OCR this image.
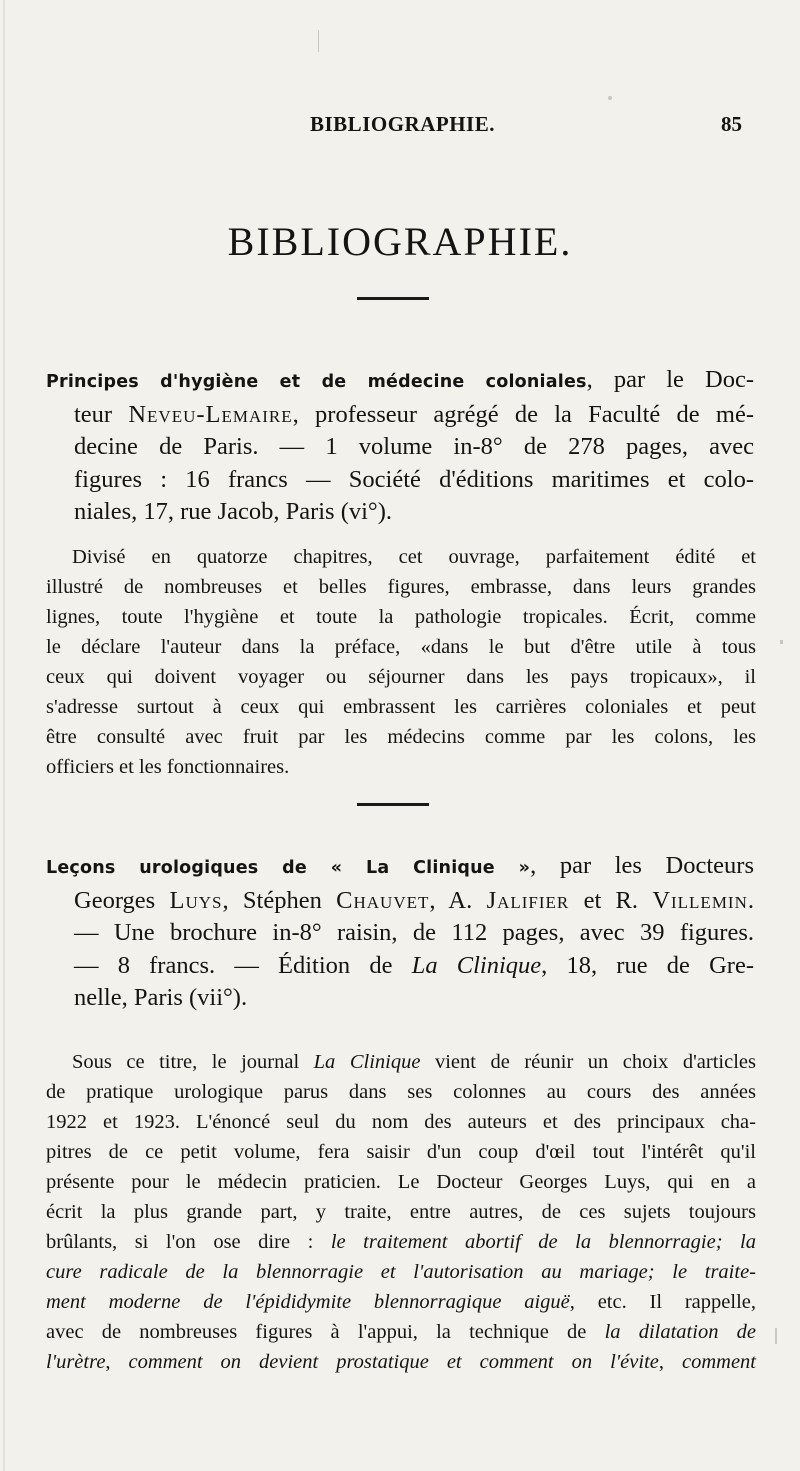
BIBLIOGRAPHIE.	85
BIBLIOGRAPHIE.
Principes d'hygiène et de médecine coloniales, par le Doc-
teur Neveu-Lemaire, professeur agrégé de la Faculté de mé-
decine de Paris. — 1 volume in-8° de 278 pages, avec
figures : 16 francs — Société d'éditions maritimes et colo-
niales, 17, rue Jacob, Paris (vi°).
Divisé en quatorze chapitres, cet ouvrage, parfaitement édité et
illustré de nombreuses et belles figures, embrasse, dans leurs grandes
lignes, toute l'hygiène et toute la pathologie tropicales. Écrit, comme
le déclare l'auteur dans la préface, «dans le but d'être utile à tous
ceux qui doivent voyager ou séjourner dans les pays tropicaux», il
s'adresse surtout à ceux qui embrassent les carrières coloniales et peut
être consulté avec fruit par les médecins comme par les colons, les
officiers et les fonctionnaires.
Leçons urologiques de « La Clinique », par les Docteurs
Georges Luys, Stéphen Chauvet, A. Jalifier et R. Villemin.
— Une brochure in-8° raisin, de 112 pages, avec 39 figures.
— 8 francs. — Édition de La Clinique, 18, rue de Gre-
nelle, Paris (vii°).
Sous ce titre, le journal La Clinique vient de réunir un choix d'articles
de pratique urologique parus dans ses colonnes au cours des années
1922 et 1923. L'énoncé seul du nom des auteurs et des principaux cha-
pitres de ce petit volume, fera saisir d'un coup d'œil tout l'intérêt qu'il
présente pour le médecin praticien. Le Docteur Georges Luys, qui en a
écrit la plus grande part, y traite, entre autres, de ces sujets toujours
brûlants, si l'on ose dire : le traitement abortif de la blennorragie; la
cure radicale de la blennorragie et l'autorisation au mariage; le traite-
ment moderne de l'épididymite blennorragique aiguë, etc. Il rappelle,
avec de nombreuses figures à l'appui, la technique de la dilatation de
l'urètre, comment on devient prostatique et comment on l'évite, comment
